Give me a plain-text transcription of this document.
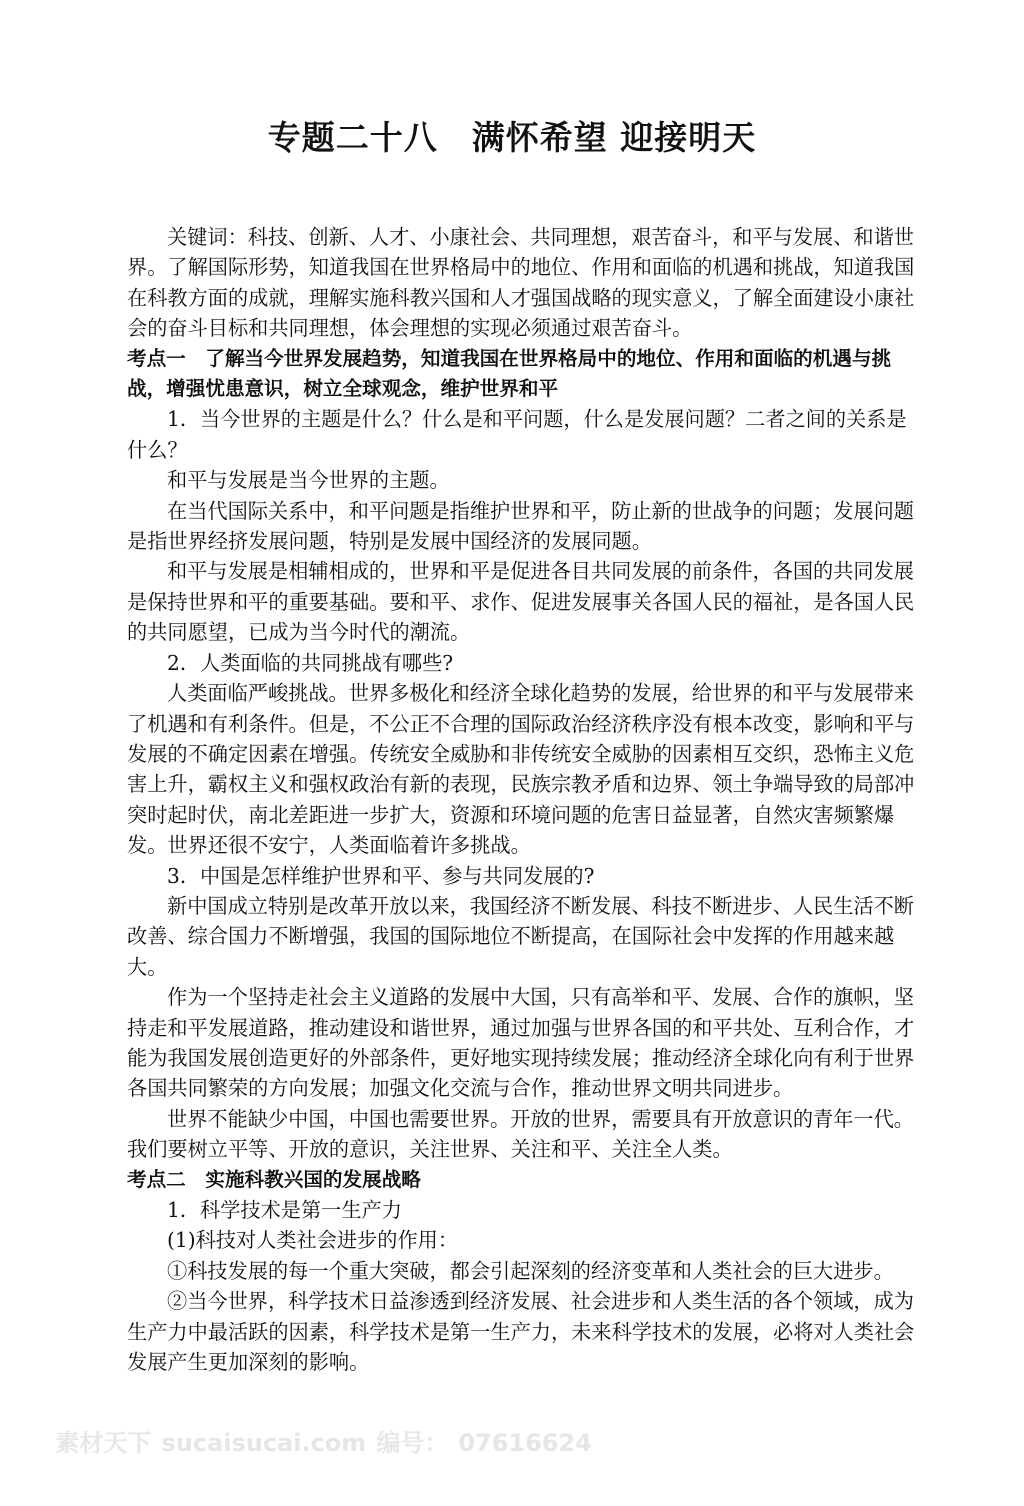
专题二十八　满怀希望 迎接明天

关键词：科技、创新、人才、小康社会、共同理想，艰苦奋斗，和平与发展、和谐世界。了解国际形势，知道我国在世界格局中的地位、作用和面临的机遇和挑战，知道我国在科教方面的成就，理解实施科教兴国和人才强国战略的现实意义，了解全面建设小康社会的奋斗目标和共同理想，体会理想的实现必须通过艰苦奋斗。

考点一　了解当今世界发展趋势，知道我国在世界格局中的地位、作用和面临的机遇与挑战，增强忧患意识，树立全球观念，维护世界和平

1．当今世界的主题是什么？什么是和平问题，什么是发展问题？二者之间的关系是什么？

和平与发展是当今世界的主题。

在当代国际关系中，和平问题是指维护世界和平，防止新的世战争的问题；发展问题是指世界经挤发展问题，特别是发展中国经济的发展同题。

和平与发展是相辅相成的，世界和平是促进各目共同发展的前条件，各国的共同发展是保持世界和平的重要基础。要和平、求作、促进发展事关各国人民的福祉，是各国人民的共同愿望，已成为当今时代的潮流。

2．人类面临的共同挑战有哪些?

人类面临严峻挑战。世界多极化和经济全球化趋势的发展，给世界的和平与发展带来了机遇和有利条件。但是，不公正不合理的国际政治经济秩序没有根本改变，影响和平与发展的不确定因素在增强。传统安全威胁和非传统安全威胁的因素相互交织，恐怖主义危害上升，霸权主义和强权政治有新的表现，民族宗教矛盾和边界、领土争端导致的局部冲突时起时伏，南北差距进一步扩大，资源和环境问题的危害日益显著，自然灾害频繁爆发。世界还很不安宁，人类面临着许多挑战。

3．中国是怎样维护世界和平、参与共同发展的?

新中国成立特别是改革开放以来，我国经济不断发展、科技不断进步、人民生活不断改善、综合国力不断增强，我国的国际地位不断提高，在国际社会中发挥的作用越来越大。

作为一个坚持走社会主义道路的发展中大国，只有高举和平、发展、合作的旗帜，坚持走和平发展道路，推动建设和谐世界，通过加强与世界各国的和平共处、互利合作，才能为我国发展创造更好的外部条件，更好地实现持续发展；推动经济全球化向有利于世界各国共同繁荣的方向发展；加强文化交流与合作，推动世界文明共同进步。

世界不能缺少中国，中国也需要世界。开放的世界，需要具有开放意识的青年一代。我们要树立平等、开放的意识，关注世界、关注和平、关注全人类。

考点二　实施科教兴国的发展战略

1．科学技术是第一生产力

(1)科技对人类社会进步的作用：

①科技发展的每一个重大突破，都会引起深刻的经济变革和人类社会的巨大进步。

②当今世界，科学技术日益渗透到经济发展、社会进步和人类生活的各个领域，成为生产力中最活跃的因素，科学技术是第一生产力，未来科学技术的发展，必将对人类社会发展产生更加深刻的影响。

素材天下 sucaisucai.com 编号： 07616624
